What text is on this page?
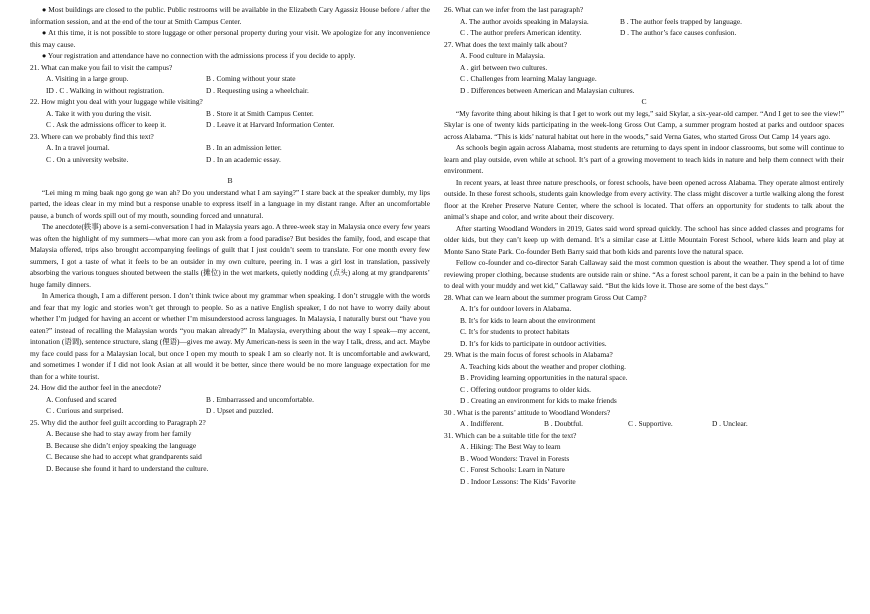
● Most buildings are closed to the public. Public restrooms will be available in the Elizabeth Cary Agassiz House before / after the information session, and at the end of the tour at Smith Campus Center.

● At this time, it is not possible to store luggage or other personal property during your visit. We apologize for any inconvenience this may cause.

● Your registration and attendance have no connection with the admissions process if you decide to apply.

21. What can make you fail to visit the campus?

A. Visiting in a large group.	B . Coming without your state
ID . C . Walking in without registration.	D . Requesting using a wheelchair.

22. How might you deal with your luggage while visiting?

A. Take it with you during the visit.	B . Store it at Smith Campus Center.
C . Ask the admissions officer to keep it.	D . Leave it at Harvard Information Center.

23. Where can we probably find this text?

A. In a travel journal.	B . In an admission letter.
C . On a university website.	D . In an academic essay.

B

“Lei ming m ming baak ngo gong ge wan ah? Do you understand what I am saying?” I stare back at the speaker dumbly, my lips parted, the ideas clear in my mind but a response unable to express itself in a language in my distant range. After an uncomfortable pause, a bunch of words spill out of my mouth, sounding forced and unnatural.

The anecdote(轶事) above is a semi-conversation I had in Malaysia years ago. A three-week stay in Malaysia once every few years was often the highlight of my summers—what more can you ask from a food paradise? But besides the family, food, and escape that Malaysia offered, trips also brought accompanying feelings of guilt that I just couldn’t seem to translate. For one month every few summers, I got a taste of what it feels to be an outsider in my own culture, peering in. I was a girl lost in translation, passively absorbing the various tongues shouted between the stalls (摊位) in the wet markets, quietly nodding (点头) along at my grandparents’ huge family dinners.

In America though, I am a different person. I don’t think twice about my grammar when speaking. I don’t struggle with the words and fear that my logic and stories won’t get through to people. So as a native English speaker, I do not have to worry daily about whether I’m judged for having an accent or whether I’m misunderstood across languages. In Malaysia, I naturally burst out “have you eaten?” instead of recalling the Malaysian words “you makan already?” In Malaysia, everything about the way I speak—my accent, intonation (语调), sentence structure, slang (俚语)—gives me away. My American-ness is seen in the way I talk, dress, and act. Maybe my face could pass for a Malaysian local, but once I open my mouth to speak I am so clearly not. It is uncomfortable and awkward, and sometimes I wonder if I did not look Asian at all would it be better, since there would be no more language expectation for me than for a white tourist.

24. How did the author feel in the anecdote?

A. Confused and scared	B . Embarrassed and uncomfortable.
C . Curious and surprised.	D . Upset and puzzled.

25. Why did the author feel guilt according to Paragraph 2?

A. Because she had to stay away from her family

B. Because she didn’t enjoy speaking the language

C. Because she had to accept what grandparents said

D. Because she found it hard to understand the culture.

26. What can we infer from the last paragraph?

A. The author avoids speaking in Malaysia.	B . The author feels trapped by language.
C . The author prefers American identity.	D . The author’s face causes confusion.

27. What does the text mainly talk about?

A. Food culture in Malaysia.

A . girl between two cultures.

C . Challenges from learning Malay language.

D . Differences between American and Malaysian cultures.

C

“My favorite thing about hiking is that I get to work out my legs,” said Skylar, a six-year-old camper. “And I get to see the view!” Skylar is one of twenty kids participating in the week-long Gross Out Camp, a summer program hosted at parks and outdoor spaces across Alabama. “This is kids’ natural habitat out here in the woods,” said Verna Gates, who started Gross Out Camp 14 years ago.

As schools begin again across Alabama, most students are returning to days spent in indoor classrooms, but some will continue to learn and play outside, even while at school. It’s part of a growing movement to teach kids in nature and help them connect with their environment.

In recent years, at least three nature preschools, or forest schools, have been opened across Alabama. They operate almost entirely outside. In these forest schools, students gain knowledge from every activity. The class might discover a turtle walking along the forest floor at the Kreher Preserve Nature Center, where the school is located. That offers an opportunity for students to talk about the animal’s shape and color, and write about their discovery.

After starting Woodland Wonders in 2019, Gates said word spread quickly. The school has since added classes and programs for older kids, but they can’t keep up with demand. It’s a similar case at Little Mountain Forest School, where kids learn and play at Monte Sano State Park. Co-founder Beth Barry said that both kids and parents love the natural space.

Fellow co-founder and co-director Sarah Callaway said the most common question is about the weather. They spend a lot of time reviewing proper clothing, because students are outside rain or shine. “As a forest school parent, it can be a pain in the behind to have to deal with your muddy and wet kid,” Callaway said. “But the kids love it. Those are some of the best days.”

28. What can we learn about the summer program Gross Out Camp?

A. It’s for outdoor lovers in Alabama.

B. It’s for kids to learn about the environment

C. It’s for students to protect habitats

D. It’s for kids to participate in outdoor activities.

29. What is the main focus of forest schools in Alabama?

A. Teaching kids about the weather and proper clothing.

B . Providing learning opportunities in the natural space.

C . Offering outdoor programs to older kids.

D . Creating an environment for kids to make friends

30 . What is the parents’ attitude to Woodland Wonders?

A . Indifferent.	B . Doubtful.	C . Supportive.	D . Unclear.

31. Which can be a suitable title for the text?

A . Hiking: The Best Way to learn

B . Wood Wonders: Travel in Forests

C . Forest Schools: Learn in Nature

D . Indoor Lessons: The Kids’ Favorite
